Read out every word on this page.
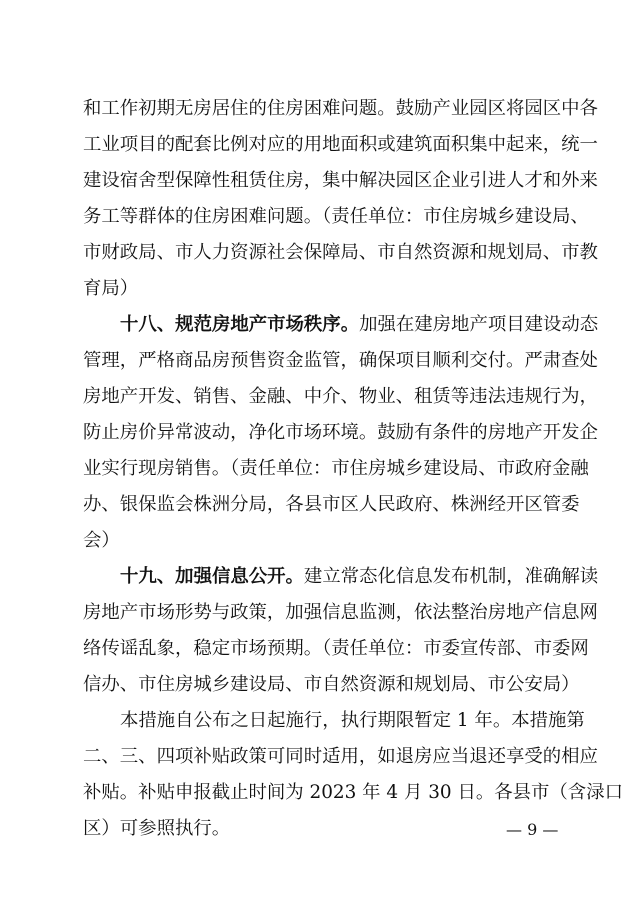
和工作初期无房居住的住房困难问题。鼓励产业园区将园区中各
工业项目的配套比例对应的用地面积或建筑面积集中起来，统一
建设宿舍型保障性租赁住房，集中解决园区企业引进人才和外来
务工等群体的住房困难问题。（责任单位：市住房城乡建设局、
市财政局、市人力资源社会保障局、市自然资源和规划局、市教
育局）
十八、规范房地产市场秩序。加强在建房地产项目建设动态
管理，严格商品房预售资金监管，确保项目顺利交付。严肃查处
房地产开发、销售、金融、中介、物业、租赁等违法违规行为，
防止房价异常波动，净化市场环境。鼓励有条件的房地产开发企
业实行现房销售。（责任单位：市住房城乡建设局、市政府金融
办、银保监会株洲分局，各县市区人民政府、株洲经开区管委
会）
十九、加强信息公开。建立常态化信息发布机制，准确解读
房地产市场形势与政策，加强信息监测，依法整治房地产信息网
络传谣乱象，稳定市场预期。（责任单位：市委宣传部、市委网
信办、市住房城乡建设局、市自然资源和规划局、市公安局）
本措施自公布之日起施行，执行期限暂定 1 年。本措施第
二、三、四项补贴政策可同时适用，如退房应当退还享受的相应
补贴。补贴申报截止时间为 2023 年 4 月 30 日。各县市（含渌口
区）可参照执行。	— 9 —
